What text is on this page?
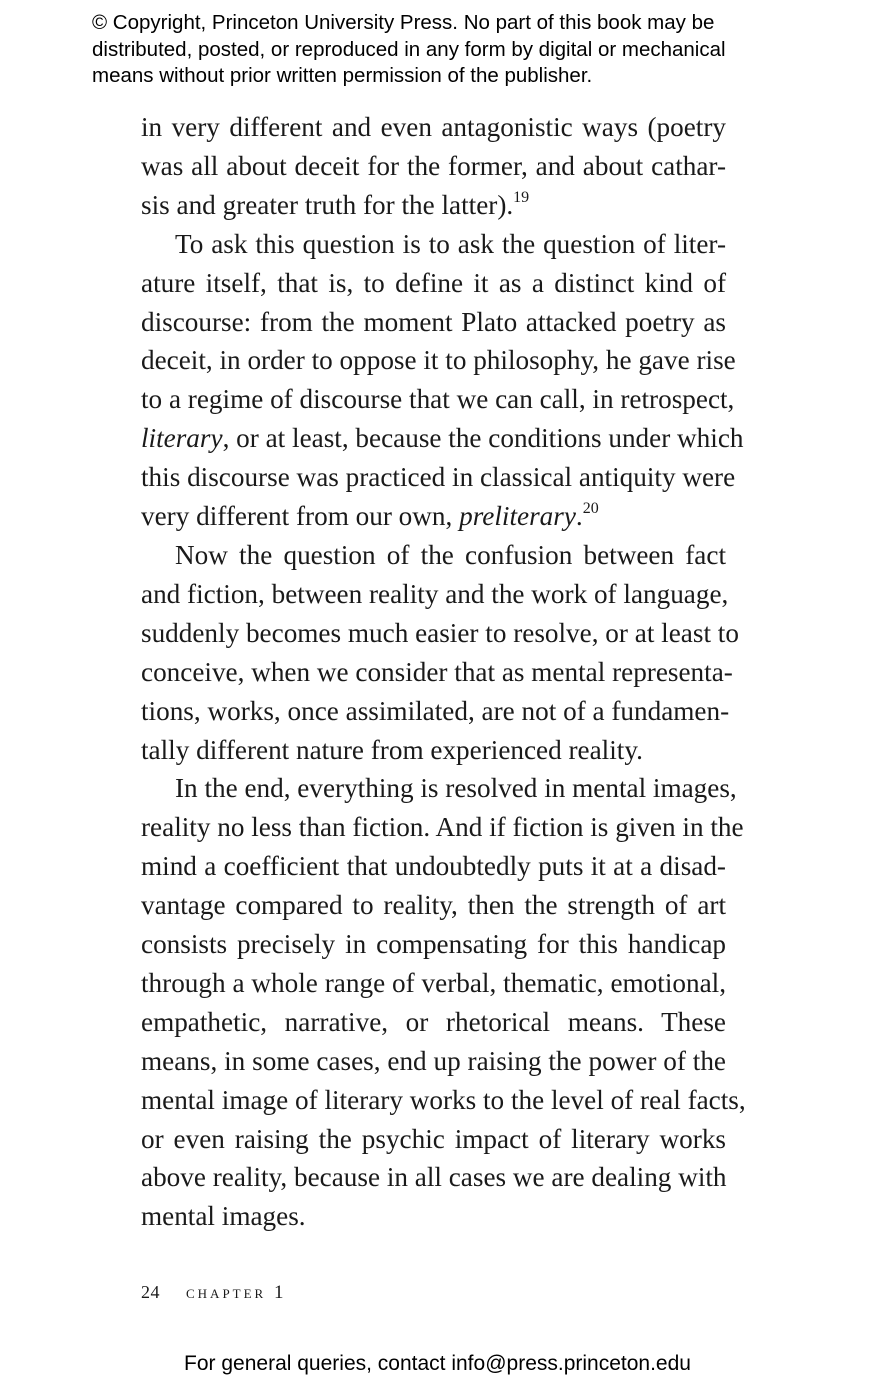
© Copyright, Princeton University Press. No part of this book may be
distributed, posted, or reproduced in any form by digital or mechanical
means without prior written permission of the publisher.
in very different and even antagonistic ways (poetry
was all about deceit for the former, and about cathar-
sis and greater truth for the latter).$^{19}$
To ask this question is to ask the question of liter-
ature itself, that is, to define it as a distinct kind of
discourse: from the moment Plato attacked poetry as
deceit, in order to oppose it to philosophy, he gave rise
to a regime of discourse that we can call, in retrospect,
literary, or at least, because the conditions under which
this discourse was practiced in classical antiquity were
very different from our own, preliterary.$^{20}$
Now the question of the confusion between fact
and fiction, between reality and the work of language,
suddenly becomes much easier to resolve, or at least to
conceive, when we consider that as mental representa-
tions, works, once assimilated, are not of a fundamen-
tally different nature from experienced reality.
In the end, everything is resolved in mental images,
reality no less than fiction. And if fiction is given in the
mind a coefficient that undoubtedly puts it at a disad-
vantage compared to reality, then the strength of art
consists precisely in compensating for this handicap
through a whole range of verbal, thematic, emotional,
empathetic, narrative, or rhetorical means. These
means, in some cases, end up raising the power of the
mental image of literary works to the level of real facts,
or even raising the psychic impact of literary works
above reality, because in all cases we are dealing with
mental images.
24 chapter 1
For general queries, contact info@press.princeton.edu
